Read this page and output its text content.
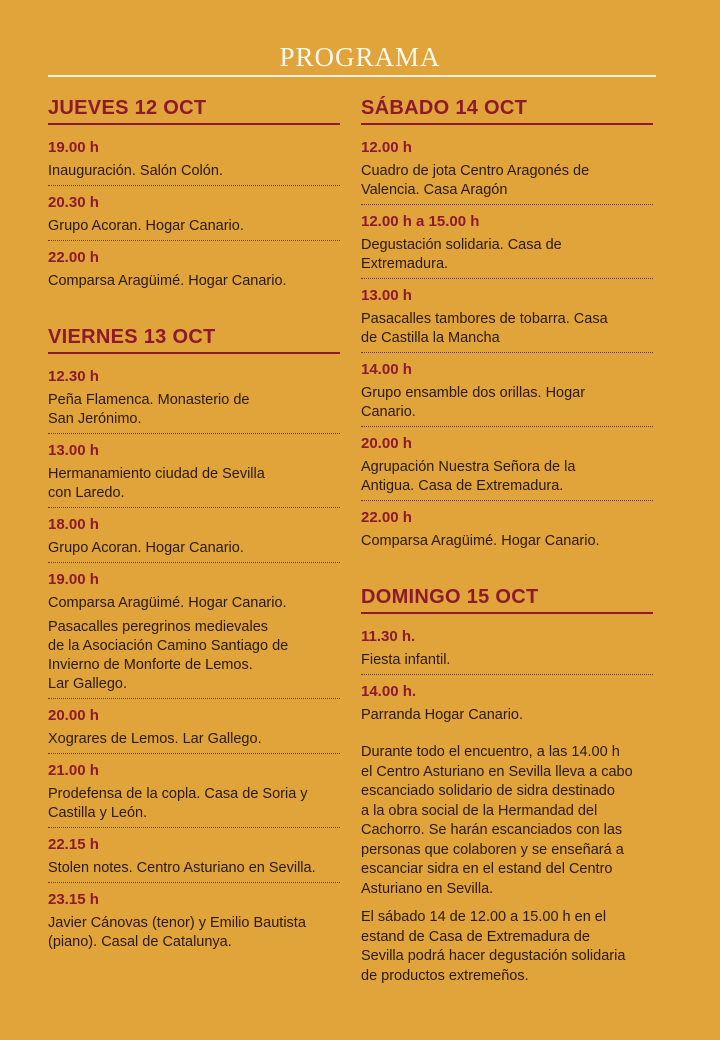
PROGRAMA
JUEVES 12 OCT
19.00 h
Inauguración. Salón Colón.
20.30 h
Grupo Acoran. Hogar Canario.
22.00 h
Comparsa Aragüimé. Hogar Canario.
VIERNES 13 OCT
12.30 h
Peña Flamenca. Monasterio de
San Jerónimo.
13.00 h
Hermanamiento ciudad de Sevilla
con Laredo.
18.00 h
Grupo Acoran. Hogar Canario.
19.00 h
Comparsa Aragüimé. Hogar Canario.
Pasacalles peregrinos medievales
de la Asociación Camino Santiago de
Invierno de Monforte de Lemos.
Lar Gallego.
20.00 h
Xograres de Lemos. Lar Gallego.
21.00 h
Prodefensa de la copla. Casa de Soria y
Castilla y León.
22.15 h
Stolen notes. Centro Asturiano en Sevilla.
23.15 h
Javier Cánovas (tenor) y Emilio Bautista
(piano). Casal de Catalunya.
SÁBADO 14 OCT
12.00 h
Cuadro de jota Centro Aragonés de
Valencia. Casa Aragón
12.00 h a 15.00 h
Degustación solidaria. Casa de
Extremadura.
13.00 h
Pasacalles tambores de tobarra. Casa
de Castilla la Mancha
14.00 h
Grupo ensamble dos orillas. Hogar
Canario.
20.00 h
Agrupación Nuestra Señora de la
Antigua. Casa de Extremadura.
22.00 h
Comparsa Aragüimé. Hogar Canario.
DOMINGO 15 OCT
11.30 h.
Fiesta infantil.
14.00 h.
Parranda Hogar Canario.

Durante todo el encuentro, a las 14.00 h
el Centro Asturiano en Sevilla lleva a cabo
escanciado solidario de sidra destinado
a la obra social de la Hermandad del
Cachorro. Se harán escanciados con las
personas que colaboren y se enseñará a
escanciar sidra en el estand del Centro
Asturiano en Sevilla.

El sábado 14 de 12.00 a 15.00 h en el
estand de Casa de Extremadura de
Sevilla podrá hacer degustación solidaria
de productos extremeños.
